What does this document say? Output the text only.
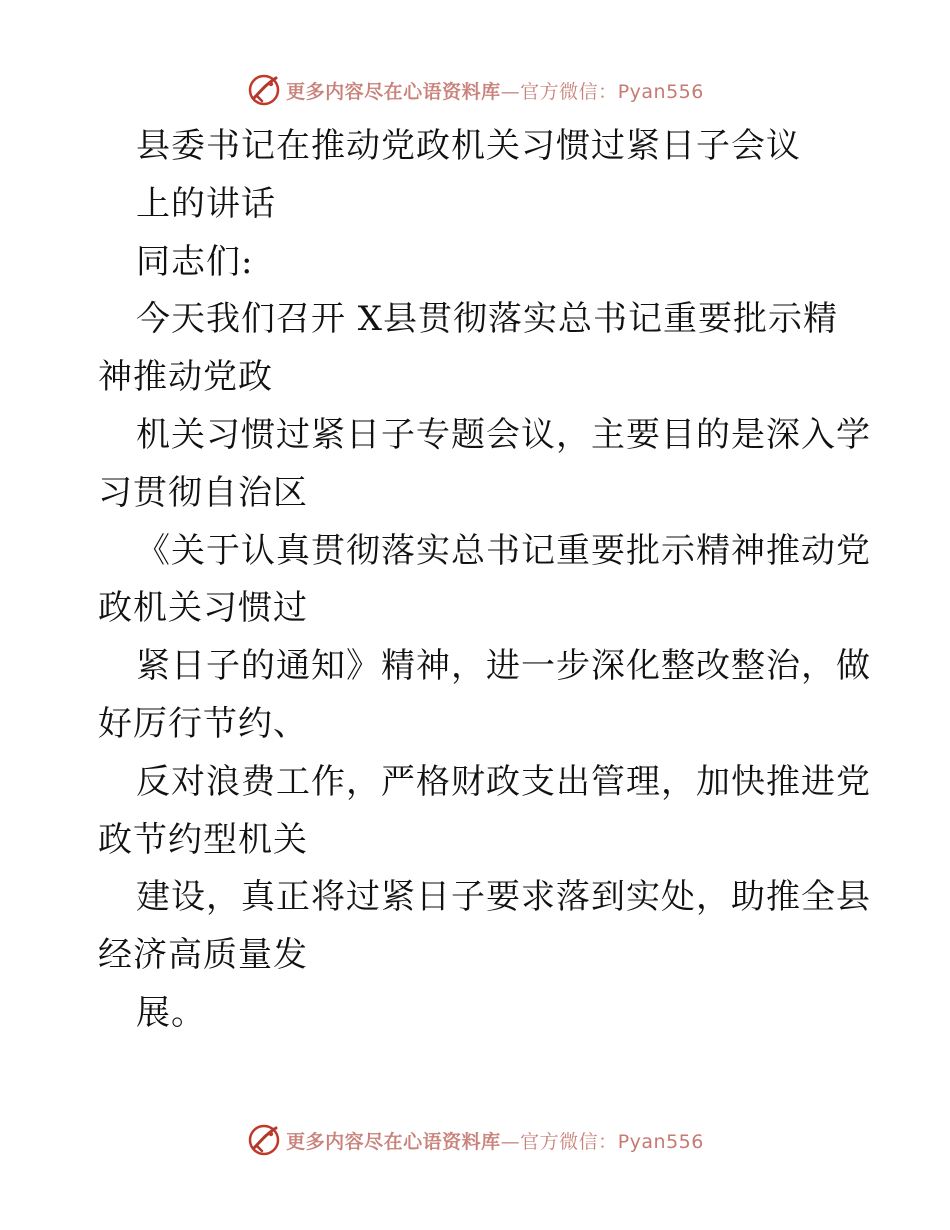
更多内容尽在心语资料库—官方微信：Pyan556
县委书记在推动党政机关习惯过紧日子会议
上的讲话
同志们:
今天我们召开 X县贯彻落实总书记重要批示精
神推动党政
机关习惯过紧日子专题会议，主要目的是深入学
习贯彻自治区
《关于认真贯彻落实总书记重要批示精神推动党
政机关习惯过
紧日子的通知》精神，进一步深化整改整治，做
好厉行节约、
反对浪费工作，严格财政支出管理，加快推进党
政节约型机关
建设，真正将过紧日子要求落到实处，助推全县
经济高质量发
展。
更多内容尽在心语资料库—官方微信：Pyan556
